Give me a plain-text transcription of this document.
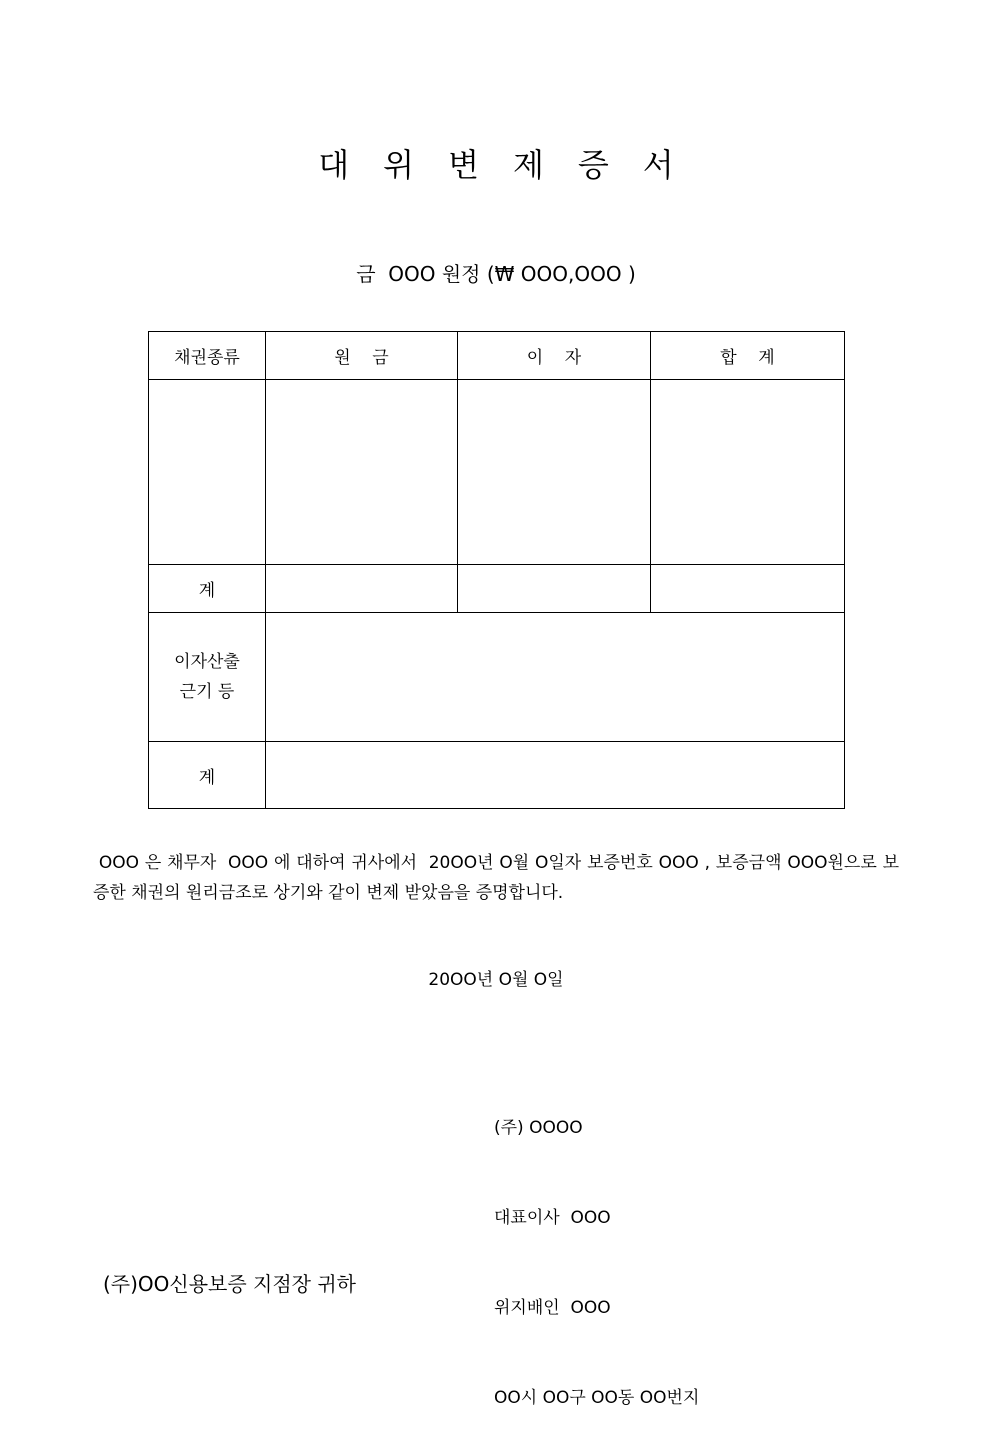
대위변제증서
금  OOO 원정 (₩ OOO,OOO )
채권종류	원    금	이    자	합    계

계			
이자산출
근기 등			
계			
OOO 은 채무자  OOO 에 대하여 귀사에서  20OO년 O월 O일자 보증번호 OOO , 보증금액 OOO원으로 보증한 채권의 원리금조로 상기와 같이 변제 받았음을 증명합니다.
20OO년 O월 O일

(주) OOOO

대표이사  OOO

위지배인  OOO

OO시 OO구 OO동 OO번지

(주)OO신용보증 지점장 귀하
